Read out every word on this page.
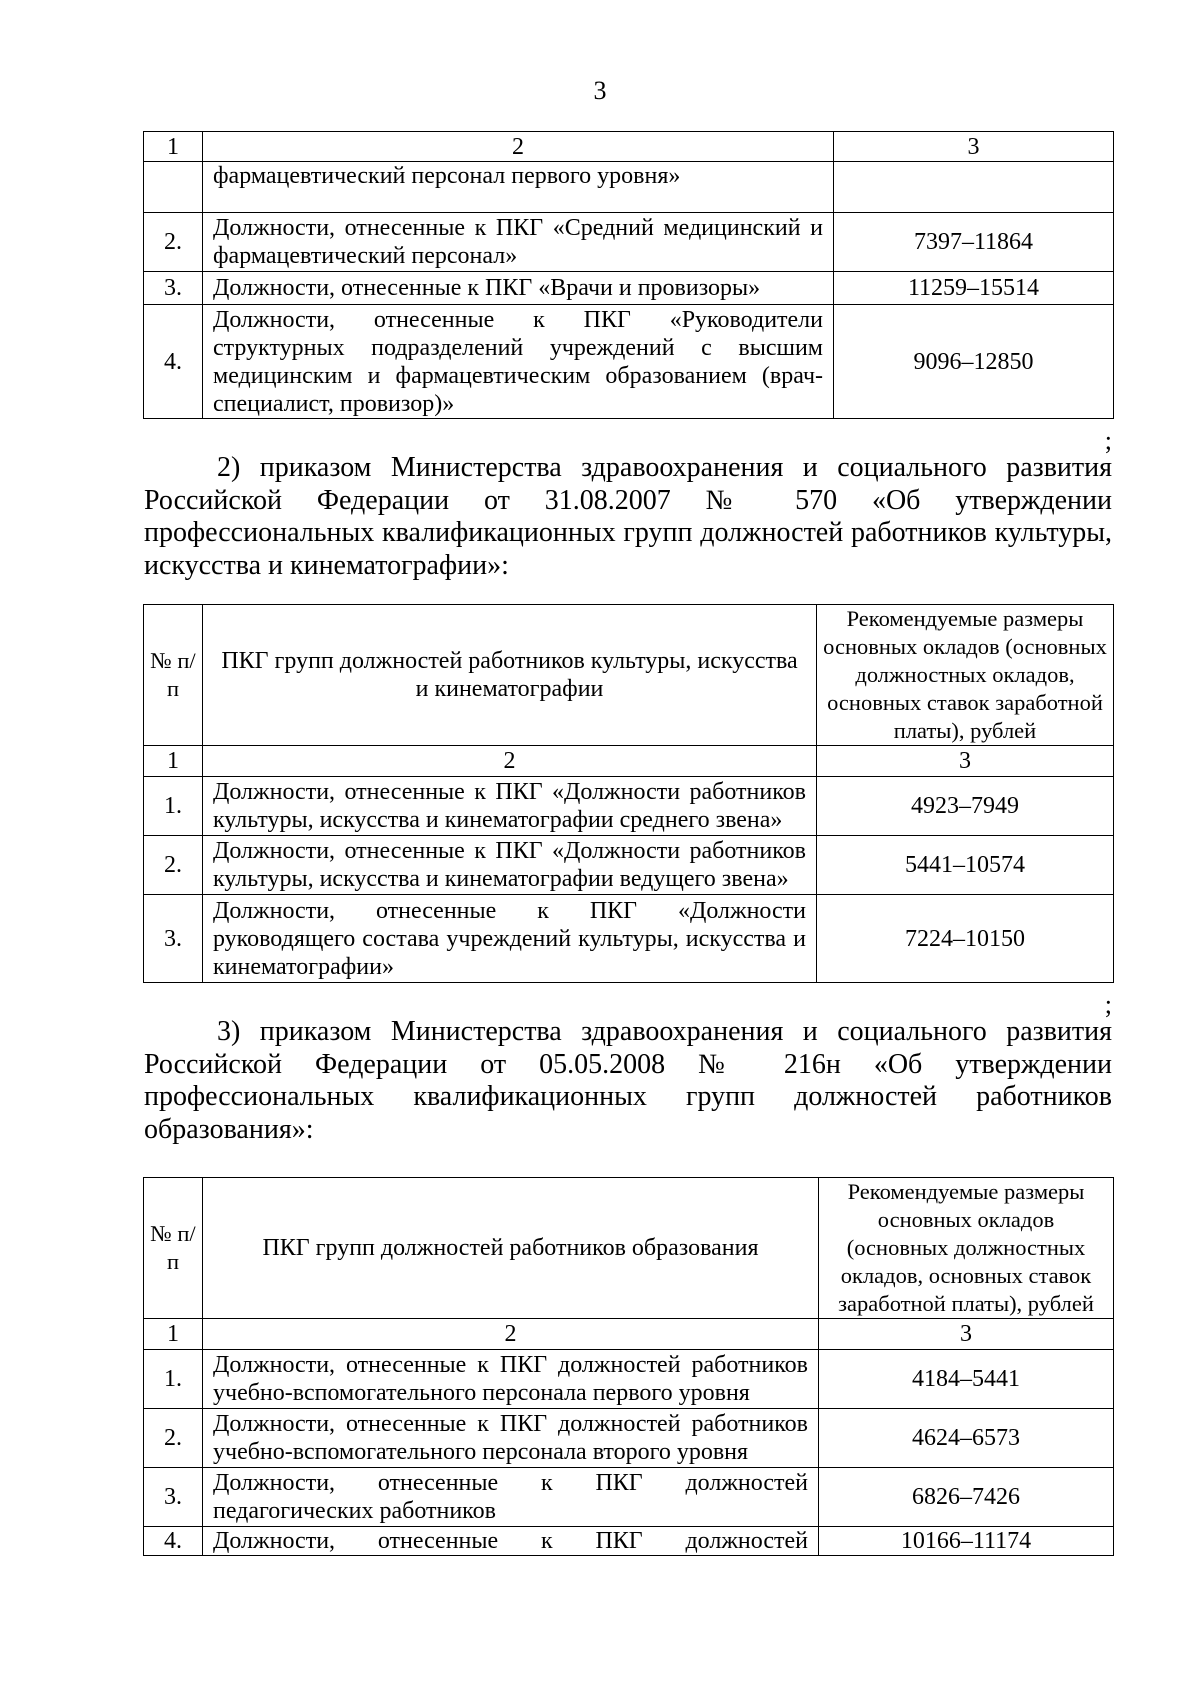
3
1	2	3
	фармацевтический персонал первого уровня»	
2.	Должности, отнесенные к ПКГ «Средний медицинский и фармацевтический персонал»	7397–11864
3.	Должности, отнесенные к ПКГ «Врачи и провизоры»	11259–15514
4.	Должности, отнесенные к ПКГ «Руководители структурных подразделений учреждений с высшим медицинским и фармацевтическим образованием (врач-специалист, провизор)»	9096–12850
;
2) приказом Министерства здравоохранения и социального развития
Российской Федерации от 31.08.2007 № 570 «Об утверждении
профессиональных квалификационных групп должностей работников культуры,
искусства и кинематографии»:
№ п/п	ПКГ групп должностей работников культуры, искусства и кинематографии	Рекомендуемые размеры основных окладов (основных должностных окладов, основных ставок заработной платы), рублей
1	2	3
1.	Должности, отнесенные к ПКГ «Должности работников культуры, искусства и кинематографии среднего звена»	4923–7949
2.	Должности, отнесенные к ПКГ «Должности работников культуры, искусства и кинематографии ведущего звена»	5441–10574
3.	Должности, отнесенные к ПКГ «Должности руководящего состава учреждений культуры, искусства и кинематографии»	7224–10150
;
3) приказом Министерства здравоохранения и социального развития
Российской Федерации от 05.05.2008 № 216н «Об утверждении
профессиональных квалификационных групп должностей работников
образования»:
№ п/п	ПКГ групп должностей работников образования	Рекомендуемые размеры основных окладов (основных должностных окладов, основных ставок заработной платы), рублей
1	2	3
1.	Должности, отнесенные к ПКГ должностей работников учебно-вспомогательного персонала первого уровня	4184–5441
2.	Должности, отнесенные к ПКГ должностей работников учебно-вспомогательного персонала второго уровня	4624–6573
3.	Должности, отнесенные к ПКГ должностей педагогических работников	6826–7426
4.	Должности, отнесенные к ПКГ должностей	10166–11174
